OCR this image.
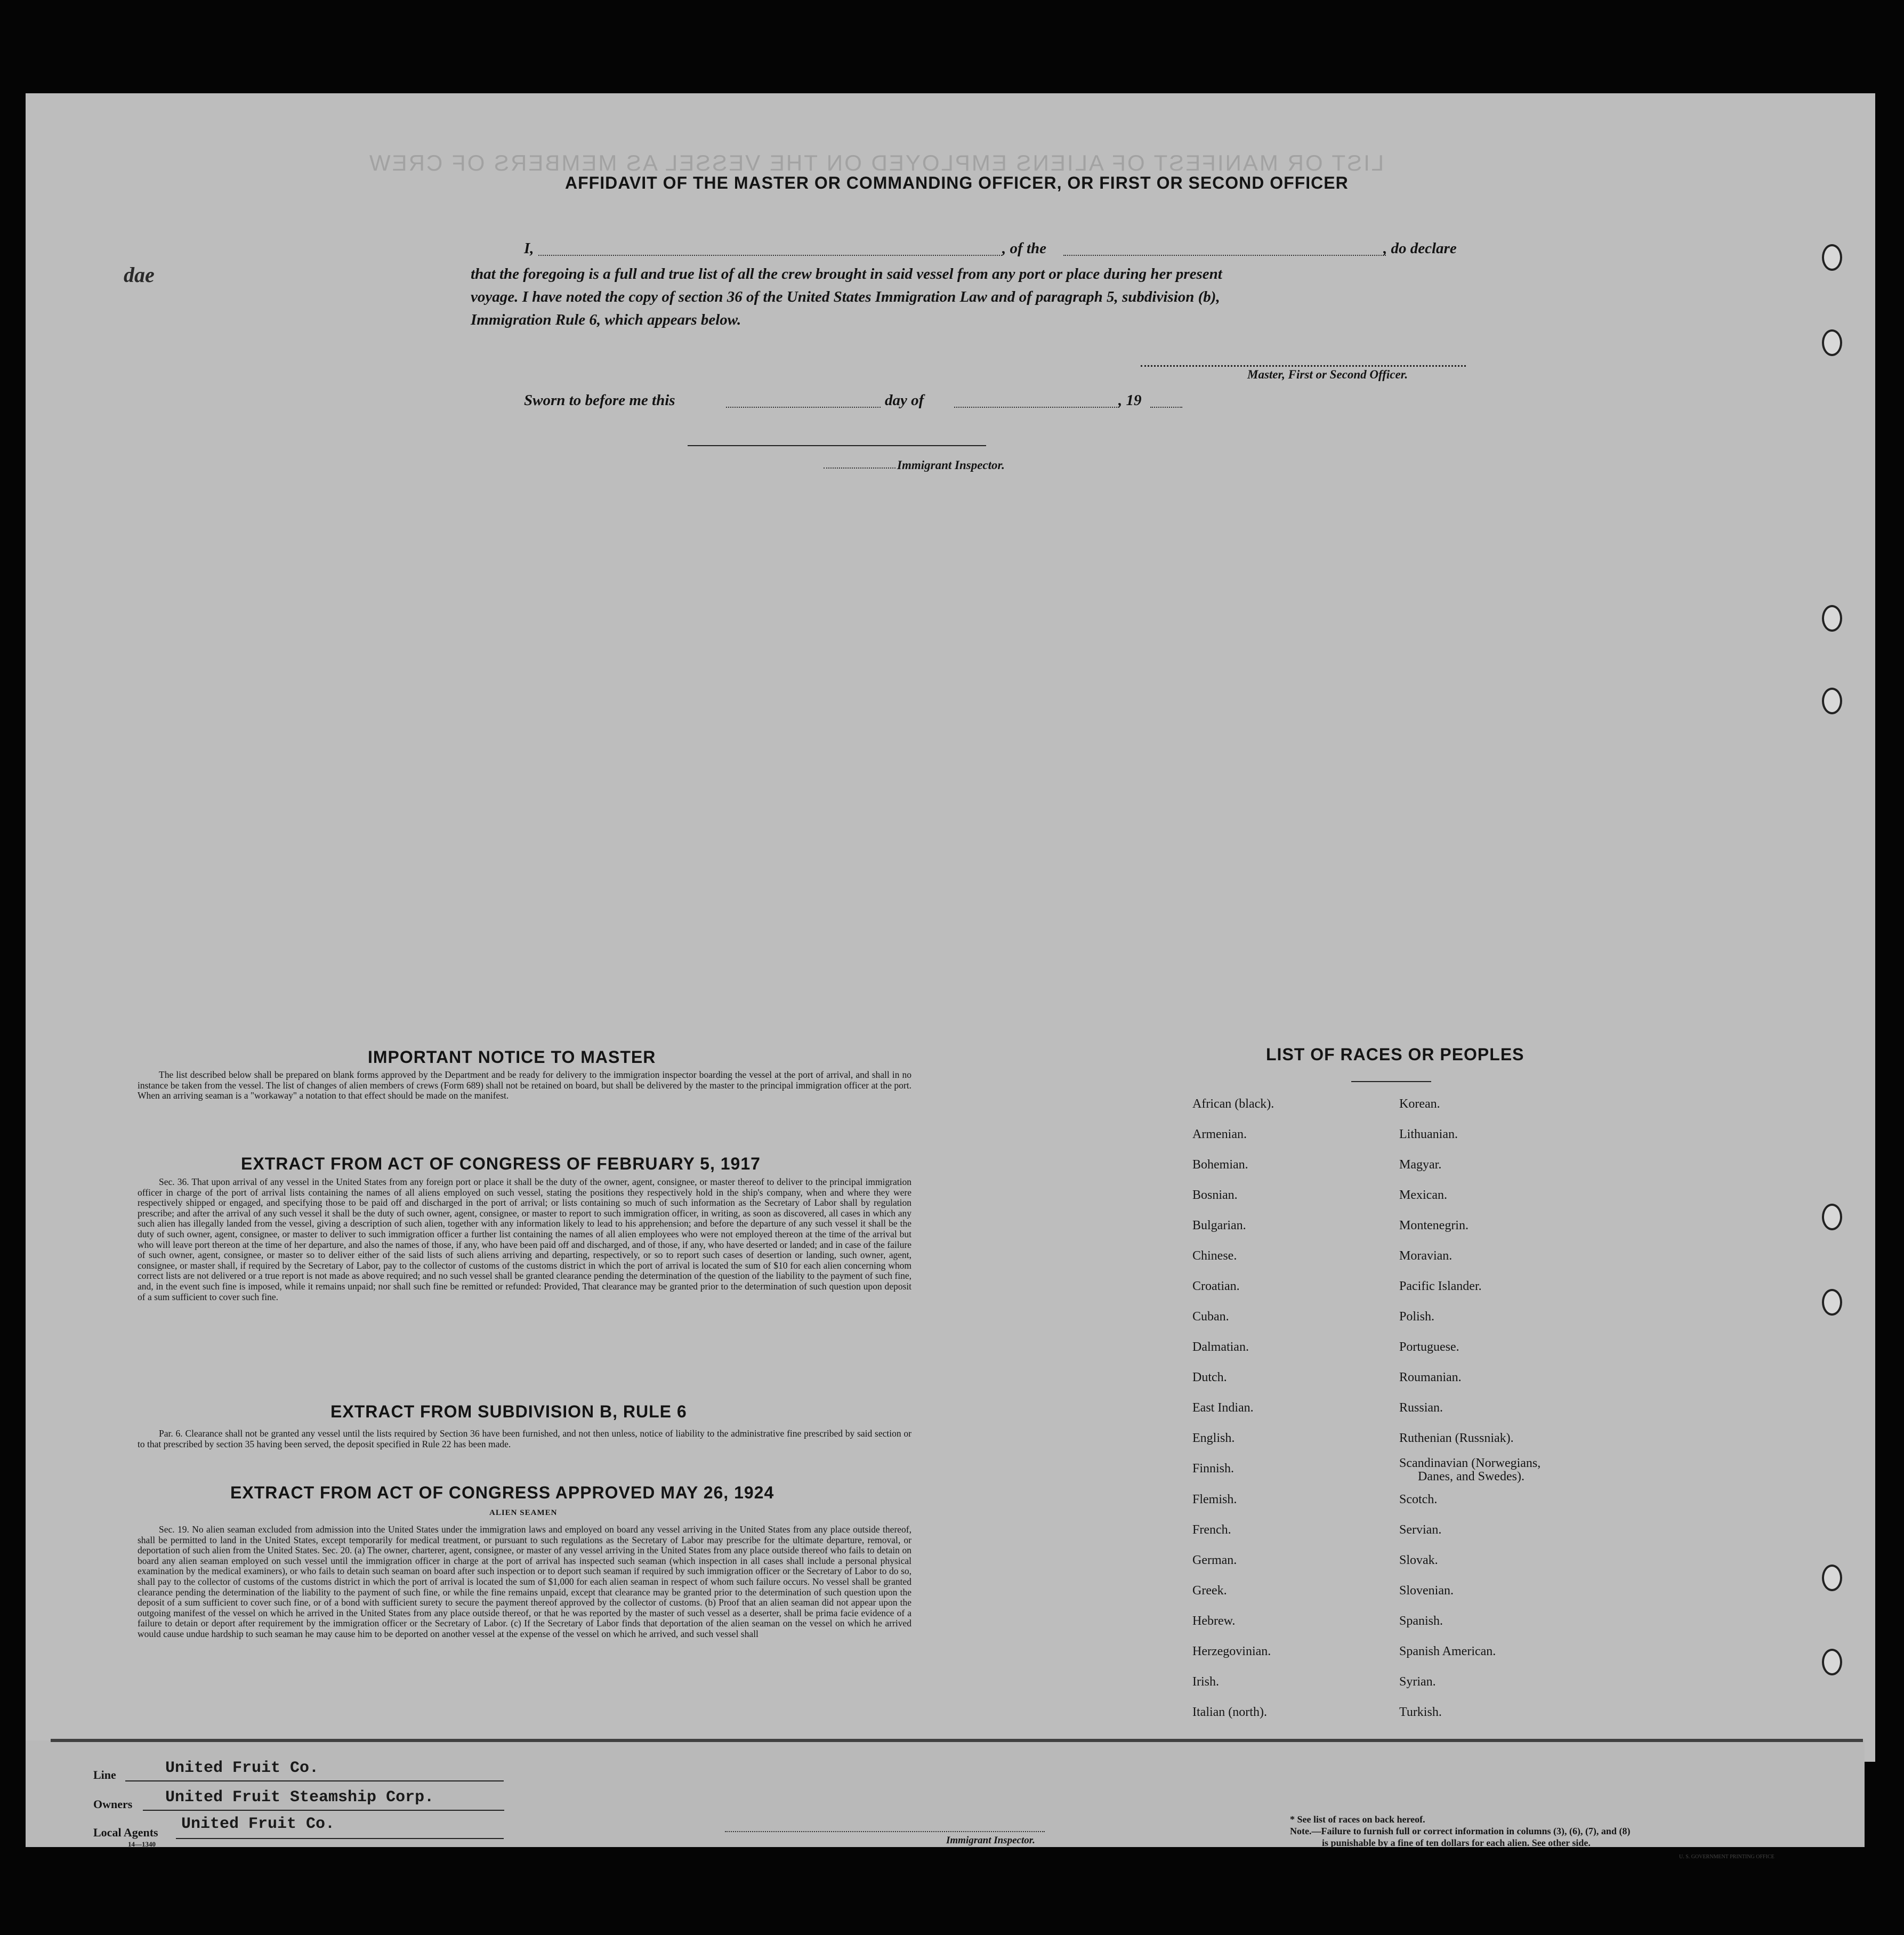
LIST OR MANIFEST OF ALIENS EMPLOYED ON THE VESSEL AS MEMBERS OF CREW
AFFIDAVIT OF THE MASTER OR COMMANDING OFFICER, OR FIRST OR SECOND OFFICER
dae
I,	, of the	, do declare
that the foregoing is a full and true list of all the crew brought in said vessel from any port or place during her present
voyage. I have noted the copy of section 36 of the United States Immigration Law and of paragraph 5, subdivision (b),
Immigration Rule 6, which appears below.
Master, First or Second Officer.
Sworn to before me this	day of	, 19
Immigrant Inspector.
IMPORTANT NOTICE TO MASTER
The list described below shall be prepared on blank forms approved by the Department and be ready for delivery to the immigration inspector boarding the vessel at the port of arrival, and shall in no instance be taken from the vessel. The list of changes of alien members of crews (Form 689) shall not be retained on board, but shall be delivered by the master to the principal immigration officer at the port. When an arriving seaman is a "workaway" a notation to that effect should be made on the manifest.
EXTRACT FROM ACT OF CONGRESS OF FEBRUARY 5, 1917
Sec. 36. That upon arrival of any vessel in the United States from any foreign port or place it shall be the duty of the owner, agent, consignee, or master thereof to deliver to the principal immigration officer in charge of the port of arrival lists containing the names of all aliens employed on such vessel, stating the positions they respectively hold in the ship's company, when and where they were respectively shipped or engaged, and specifying those to be paid off and discharged in the port of arrival; or lists containing so much of such information as the Secretary of Labor shall by regulation prescribe; and after the arrival of any such vessel it shall be the duty of such owner, agent, consignee, or master to report to such immigration officer, in writing, as soon as discovered, all cases in which any such alien has illegally landed from the vessel, giving a description of such alien, together with any information likely to lead to his apprehension; and before the departure of any such vessel it shall be the duty of such owner, agent, consignee, or master to deliver to such immigration officer a further list containing the names of all alien employees who were not employed thereon at the time of the arrival but who will leave port thereon at the time of her departure, and also the names of those, if any, who have been paid off and discharged, and of those, if any, who have deserted or landed; and in case of the failure of such owner, agent, consignee, or master so to deliver either of the said lists of such aliens arriving and departing, respectively, or so to report such cases of desertion or landing, such owner, agent, consignee, or master shall, if required by the Secretary of Labor, pay to the collector of customs of the customs district in which the port of arrival is located the sum of $10 for each alien concerning whom correct lists are not delivered or a true report is not made as above required; and no such vessel shall be granted clearance pending the determination of the question of the liability to the payment of such fine, and, in the event such fine is imposed, while it remains unpaid; nor shall such fine be remitted or refunded: Provided, That clearance may be granted prior to the determination of such question upon deposit of a sum sufficient to cover such fine.
EXTRACT FROM SUBDIVISION B, RULE 6
Par. 6. Clearance shall not be granted any vessel until the lists required by Section 36 have been furnished, and not then unless, notice of liability to the administrative fine prescribed by said section or to that prescribed by section 35 having been served, the deposit specified in Rule 22 has been made.
EXTRACT FROM ACT OF CONGRESS APPROVED MAY 26, 1924
ALIEN SEAMEN
Sec. 19. No alien seaman excluded from admission into the United States under the immigration laws and employed on board any vessel arriving in the United States from any place outside thereof, shall be permitted to land in the United States, except temporarily for medical treatment, or pursuant to such regulations as the Secretary of Labor may prescribe for the ultimate departure, removal, or deportation of such alien from the United States. Sec. 20. (a) The owner, charterer, agent, consignee, or master of any vessel arriving in the United States from any place outside thereof who fails to detain on board any alien seaman employed on such vessel until the immigration officer in charge at the port of arrival has inspected such seaman (which inspection in all cases shall include a personal physical examination by the medical examiners), or who fails to detain such seaman on board after such inspection or to deport such seaman if required by such immigration officer or the Secretary of Labor to do so, shall pay to the collector of customs of the customs district in which the port of arrival is located the sum of $1,000 for each alien seaman in respect of whom such failure occurs. No vessel shall be granted clearance pending the determination of the liability to the payment of such fine, or while the fine remains unpaid, except that clearance may be granted prior to the determination of such question upon the deposit of a sum sufficient to cover such fine, or of a bond with sufficient surety to secure the payment thereof approved by the collector of customs. (b) Proof that an alien seaman did not appear upon the outgoing manifest of the vessel on which he arrived in the United States from any place outside thereof, or that he was reported by the master of such vessel as a deserter, shall be prima facie evidence of a failure to detain or deport after requirement by the immigration officer or the Secretary of Labor. (c) If the Secretary of Labor finds that deportation of the alien seaman on the vessel on which he arrived would cause undue hardship to such seaman he may cause him to be deported on another vessel at the expense of the vessel on which he arrived, and such vessel shall
LIST OF RACES OR PEOPLES
African (black).
Armenian.
Bohemian.
Bosnian.
Bulgarian.
Chinese.
Croatian.
Cuban.
Dalmatian.
Dutch.
East Indian.
English.
Finnish.
Flemish.
French.
German.
Greek.
Hebrew.
Herzegovinian.
Irish.
Italian (north).
Korean.
Lithuanian.
Magyar.
Mexican.
Montenegrin.
Moravian.
Pacific Islander.
Polish.
Portuguese.
Roumanian.
Russian.
Ruthenian (Russniak).
Scandinavian (Norwegians,
Danes, and Swedes).
Scotch.
Servian.
Slovak.
Slovenian.
Spanish.
Spanish American.
Syrian.
Turkish.
Line	United Fruit Co.
Owners United Fruit Steamship Corp.
Local Agents United Fruit Co.
14—1340	Immigrant Inspector.
* See list of races on back hereof.
Note.—Failure to furnish full or correct information in columns (3), (6), (7), and (8)
is punishable by a fine of ten dollars for each alien. See other side.
U. S. GOVERNMENT PRINTING OFFICE
